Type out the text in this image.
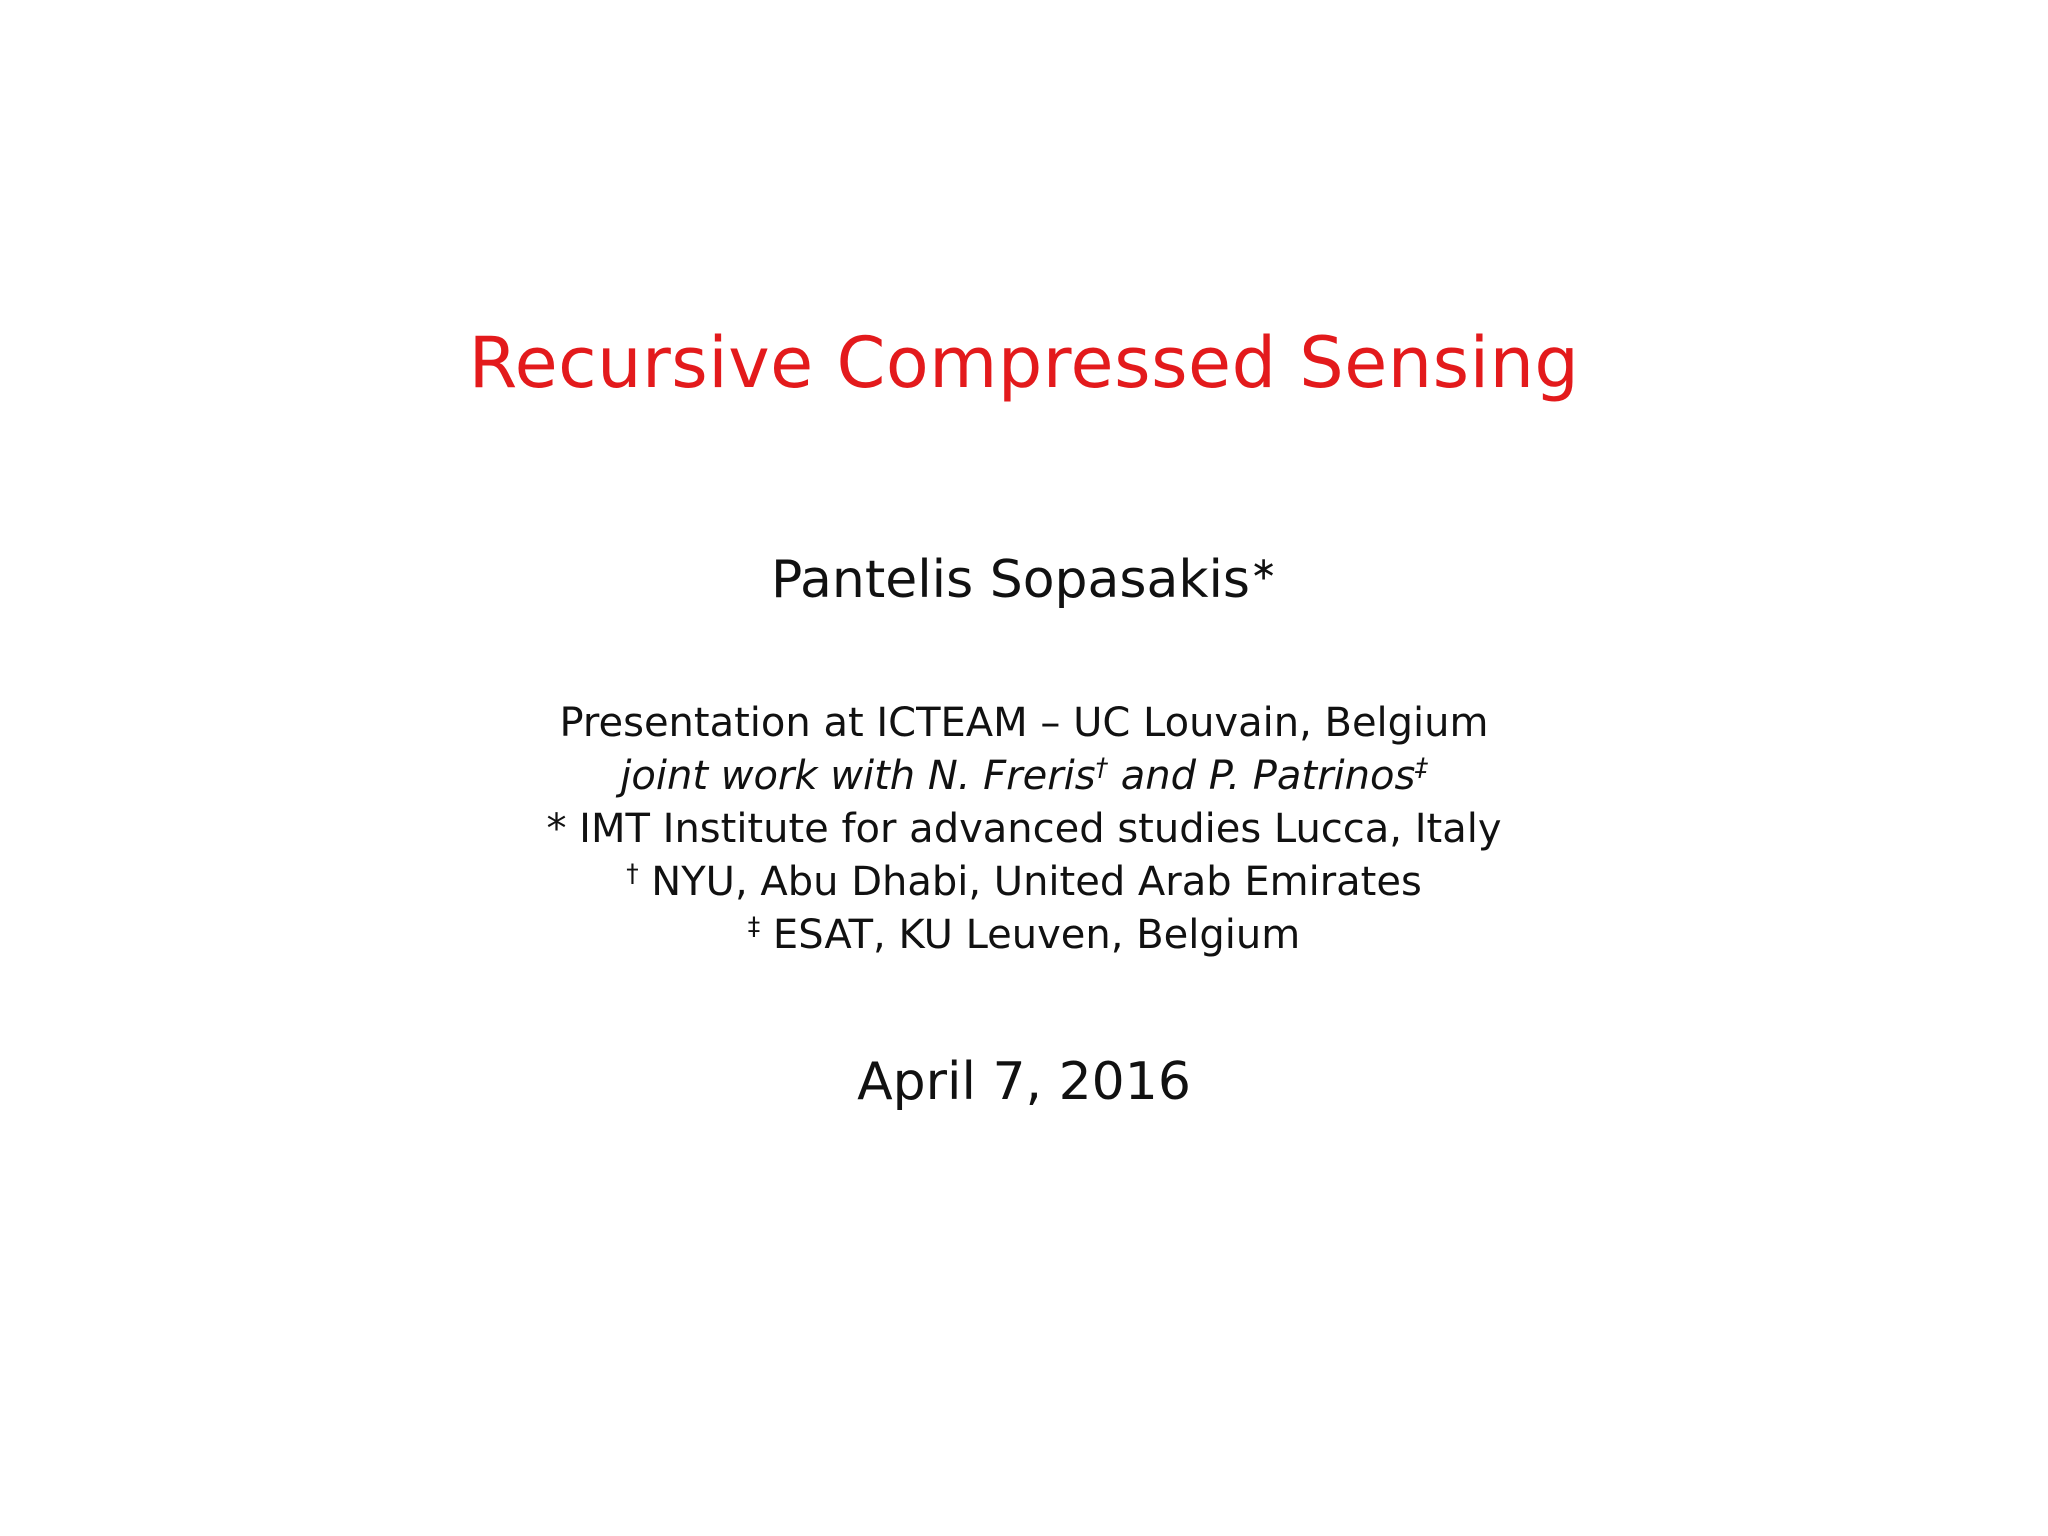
Recursive Compressed Sensing
Pantelis Sopasakis∗
Presentation at ICTEAM – UC Louvain, Belgium
joint work with N. Freris† and P. Patrinos‡
* IMT Institute for advanced studies Lucca, Italy
† NYU, Abu Dhabi, United Arab Emirates
‡ ESAT, KU Leuven, Belgium
April 7, 2016
